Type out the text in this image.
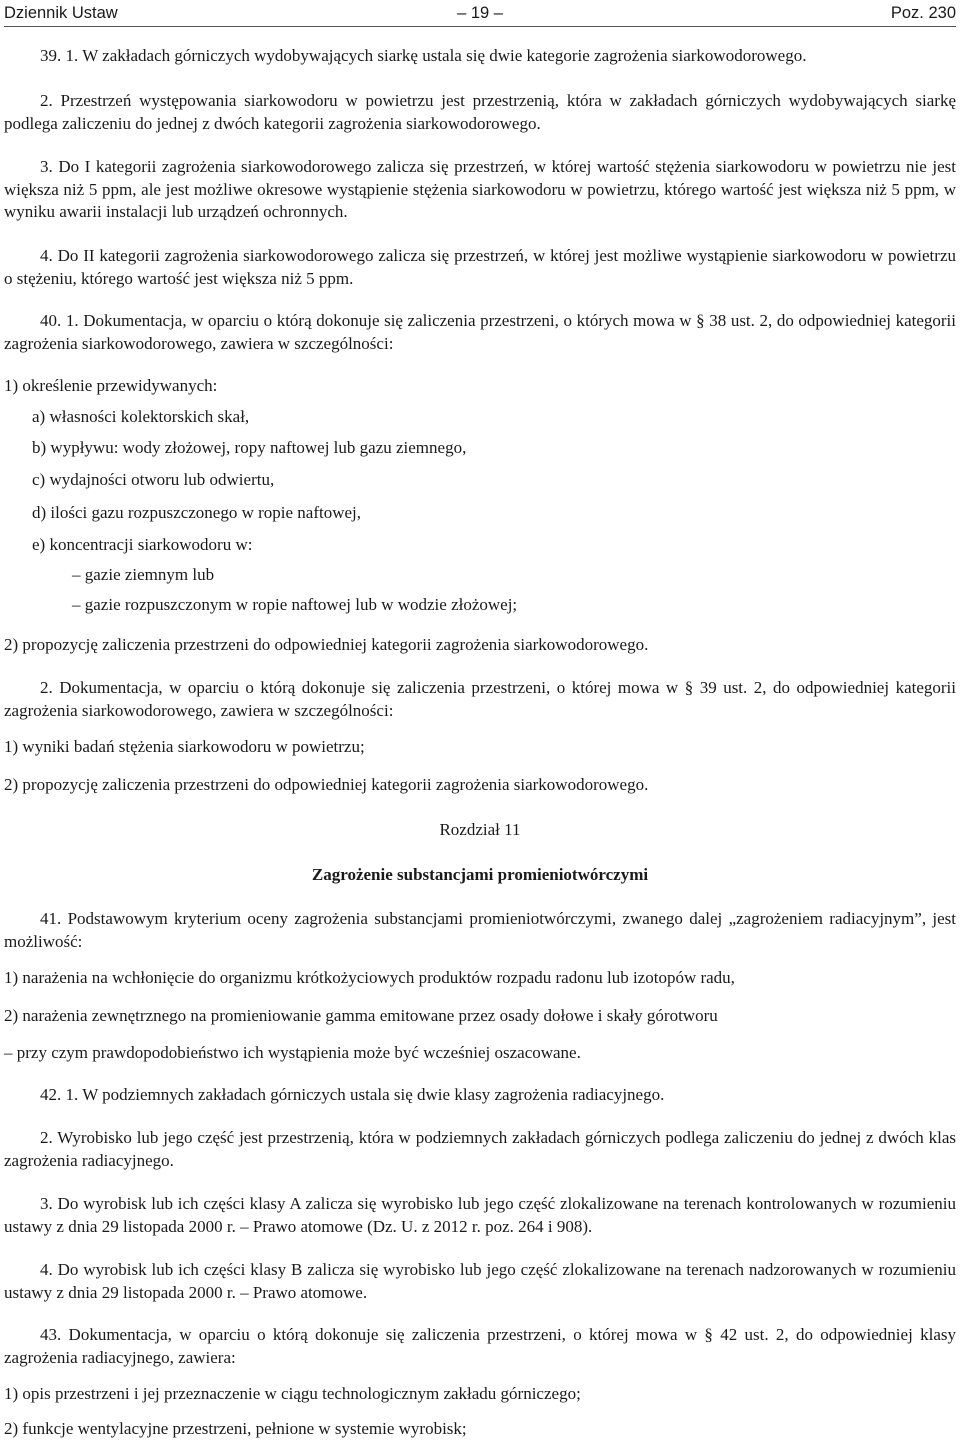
Dziennik Ustaw	– 19 –	Poz. 230
39. 1. W zakładach górniczych wydobywających siarkę ustala się dwie kategorie zagrożenia siarkowodorowego.
2. Przestrzeń występowania siarkowodoru w powietrzu jest przestrzenią, która w zakładach górniczych wydobywających siarkę podlega zaliczeniu do jednej z dwóch kategorii zagrożenia siarkowodorowego.
3. Do I kategorii zagrożenia siarkowodorowego zalicza się przestrzeń, w której wartość stężenia siarkowodoru w powietrzu nie jest większa niż 5 ppm, ale jest możliwe okresowe wystąpienie stężenia siarkowodoru w powietrzu, którego wartość jest większa niż 5 ppm, w wyniku awarii instalacji lub urządzeń ochronnych.
4. Do II kategorii zagrożenia siarkowodorowego zalicza się przestrzeń, w której jest możliwe wystąpienie siarkowodoru w powietrzu o stężeniu, którego wartość jest większa niż 5 ppm.
40. 1. Dokumentacja, w oparciu o którą dokonuje się zaliczenia przestrzeni, o których mowa w § 38 ust. 2, do odpowiedniej kategorii zagrożenia siarkowodorowego, zawiera w szczególności:
1) określenie przewidywanych:
a) własności kolektorskich skał,
b) wypływu: wody złożowej, ropy naftowej lub gazu ziemnego,
c) wydajności otworu lub odwiertu,
d) ilości gazu rozpuszczonego w ropie naftowej,
e) koncentracji siarkowodoru w:
– gazie ziemnym lub
– gazie rozpuszczonym w ropie naftowej lub w wodzie złożowej;
2) propozycję zaliczenia przestrzeni do odpowiedniej kategorii zagrożenia siarkowodorowego.
2. Dokumentacja, w oparciu o którą dokonuje się zaliczenia przestrzeni, o której mowa w § 39 ust. 2, do odpowiedniej kategorii zagrożenia siarkowodorowego, zawiera w szczególności:
1) wyniki badań stężenia siarkowodoru w powietrzu;
2) propozycję zaliczenia przestrzeni do odpowiedniej kategorii zagrożenia siarkowodorowego.
Rozdział 11
Zagrożenie substancjami promieniotwórczymi
41. Podstawowym kryterium oceny zagrożenia substancjami promieniotwórczymi, zwanego dalej „zagrożeniem radiacyjnym”, jest możliwość:
1) narażenia na wchłonięcie do organizmu krótkożyciowych produktów rozpadu radonu lub izotopów radu,
2) narażenia zewnętrznego na promieniowanie gamma emitowane przez osady dołowe i skały górotworu
– przy czym prawdopodobieństwo ich wystąpienia może być wcześniej oszacowane.
42. 1. W podziemnych zakładach górniczych ustala się dwie klasy zagrożenia radiacyjnego.
2. Wyrobisko lub jego część jest przestrzenią, która w podziemnych zakładach górniczych podlega zaliczeniu do jednej z dwóch klas zagrożenia radiacyjnego.
3. Do wyrobisk lub ich części klasy A zalicza się wyrobisko lub jego część zlokalizowane na terenach kontrolowanych w rozumieniu ustawy z dnia 29 listopada 2000 r. – Prawo atomowe (Dz. U. z 2012 r. poz. 264 i 908).
4. Do wyrobisk lub ich części klasy B zalicza się wyrobisko lub jego część zlokalizowane na terenach nadzorowanych w rozumieniu ustawy z dnia 29 listopada 2000 r. – Prawo atomowe.
43. Dokumentacja, w oparciu o którą dokonuje się zaliczenia przestrzeni, o której mowa w § 42 ust. 2, do odpowiedniej klasy zagrożenia radiacyjnego, zawiera:
1) opis przestrzeni i jej przeznaczenie w ciągu technologicznym zakładu górniczego;
2) funkcje wentylacyjne przestrzeni, pełnione w systemie wyrobisk;
